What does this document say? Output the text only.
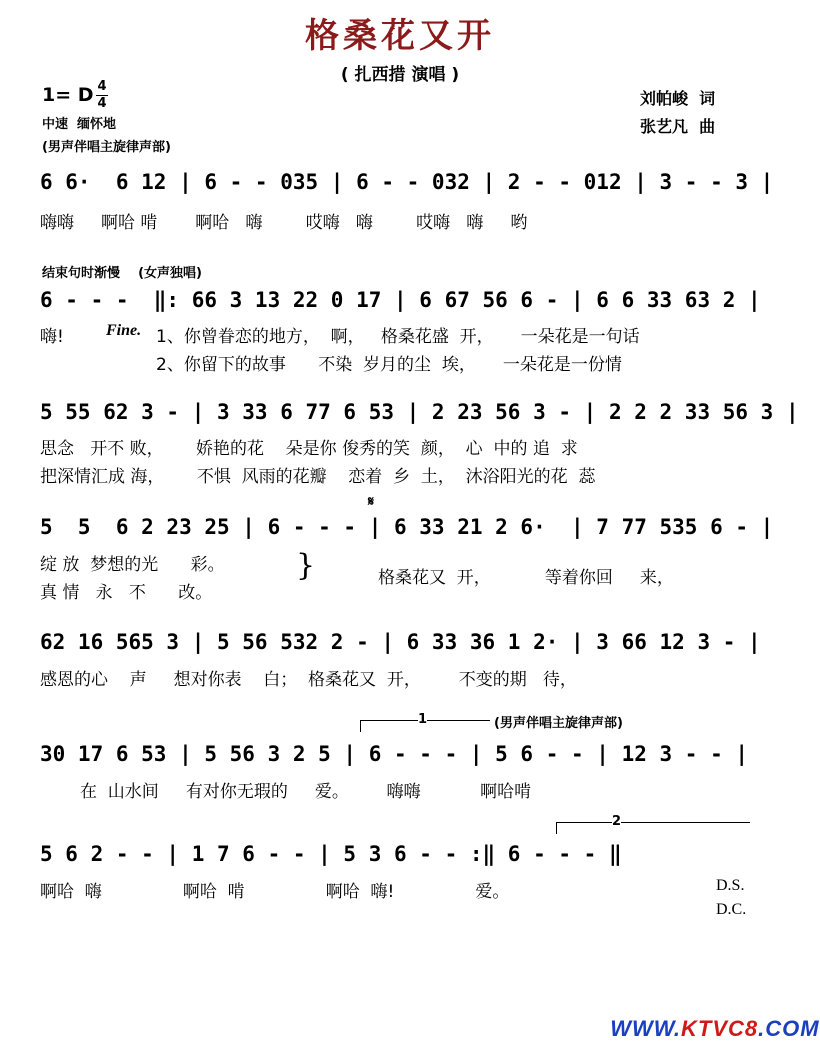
格桑花又开
( 扎西措 演唱 )
1= D 4
4
中速  缅怀地
(男声伴唱主旋律声部)
刘帕峻  词
张艺凡  曲
6 6·  6 12 | 6 - - 035 | 6 - - 032 | 2 - - 012 | 3 - - 3 |
嗨嗨     啊哈 啃       啊哈   嗨        哎嗨   嗨        哎嗨   嗨     哟
结束句时渐慢    (女声独唱)
6 - - -  ‖: 66 3 13 22 0 17 | 6 67 56 6 - | 6 6 33 63 2 |
嗨!	Fine. 1、你曾眷恋的地方，  啊，   格桑花盛  开，     一朵花是一句话
2、你留下的故事      不染  岁月的尘  埃，     一朵花是一份情
5 55 62 3 - | 3 33 6 77 6 53 | 2 23 56 3 - | 2 2 2 33 56 3 |
思念   开不 败，      娇艳的花    朵是你 俊秀的笑  颜，  心  中的 追  求
把深情汇成 海，      不惧  风雨的花瓣    恋着  乡  土，  沐浴阳光的花  蕊
𝄋
5  5  6 2 23 25 | 6 - - - | 6 33 21 2 6·  | 7 77 535 6 - |
绽 放  梦想的光      彩。
真 情   永   不      改。
}	格桑花又  开，          等着你回     来，
62 16 565 3 | 5 56 532 2 - | 6 33 36 1 2· | 3 66 12 3 - |
感恩的心    声     想对你表    白；  格桑花又  开，       不变的期   待，
1	(男声伴唱主旋律声部)
30 17 6 53 | 5 56 3 2 5 | 6 - - - | 5 6 - - | 12 3 - - |
在  山水间     有对你无瑕的     爱。       嗨嗨           啊哈啃
2
5 6 2 - - | 1 7 6 - - | 5 3 6 - - :‖ 6 - - - ‖
啊哈  嗨               啊哈  啃               啊哈  嗨!               爱。	D.S.
D.C.

WWW.KTVC8.COM
